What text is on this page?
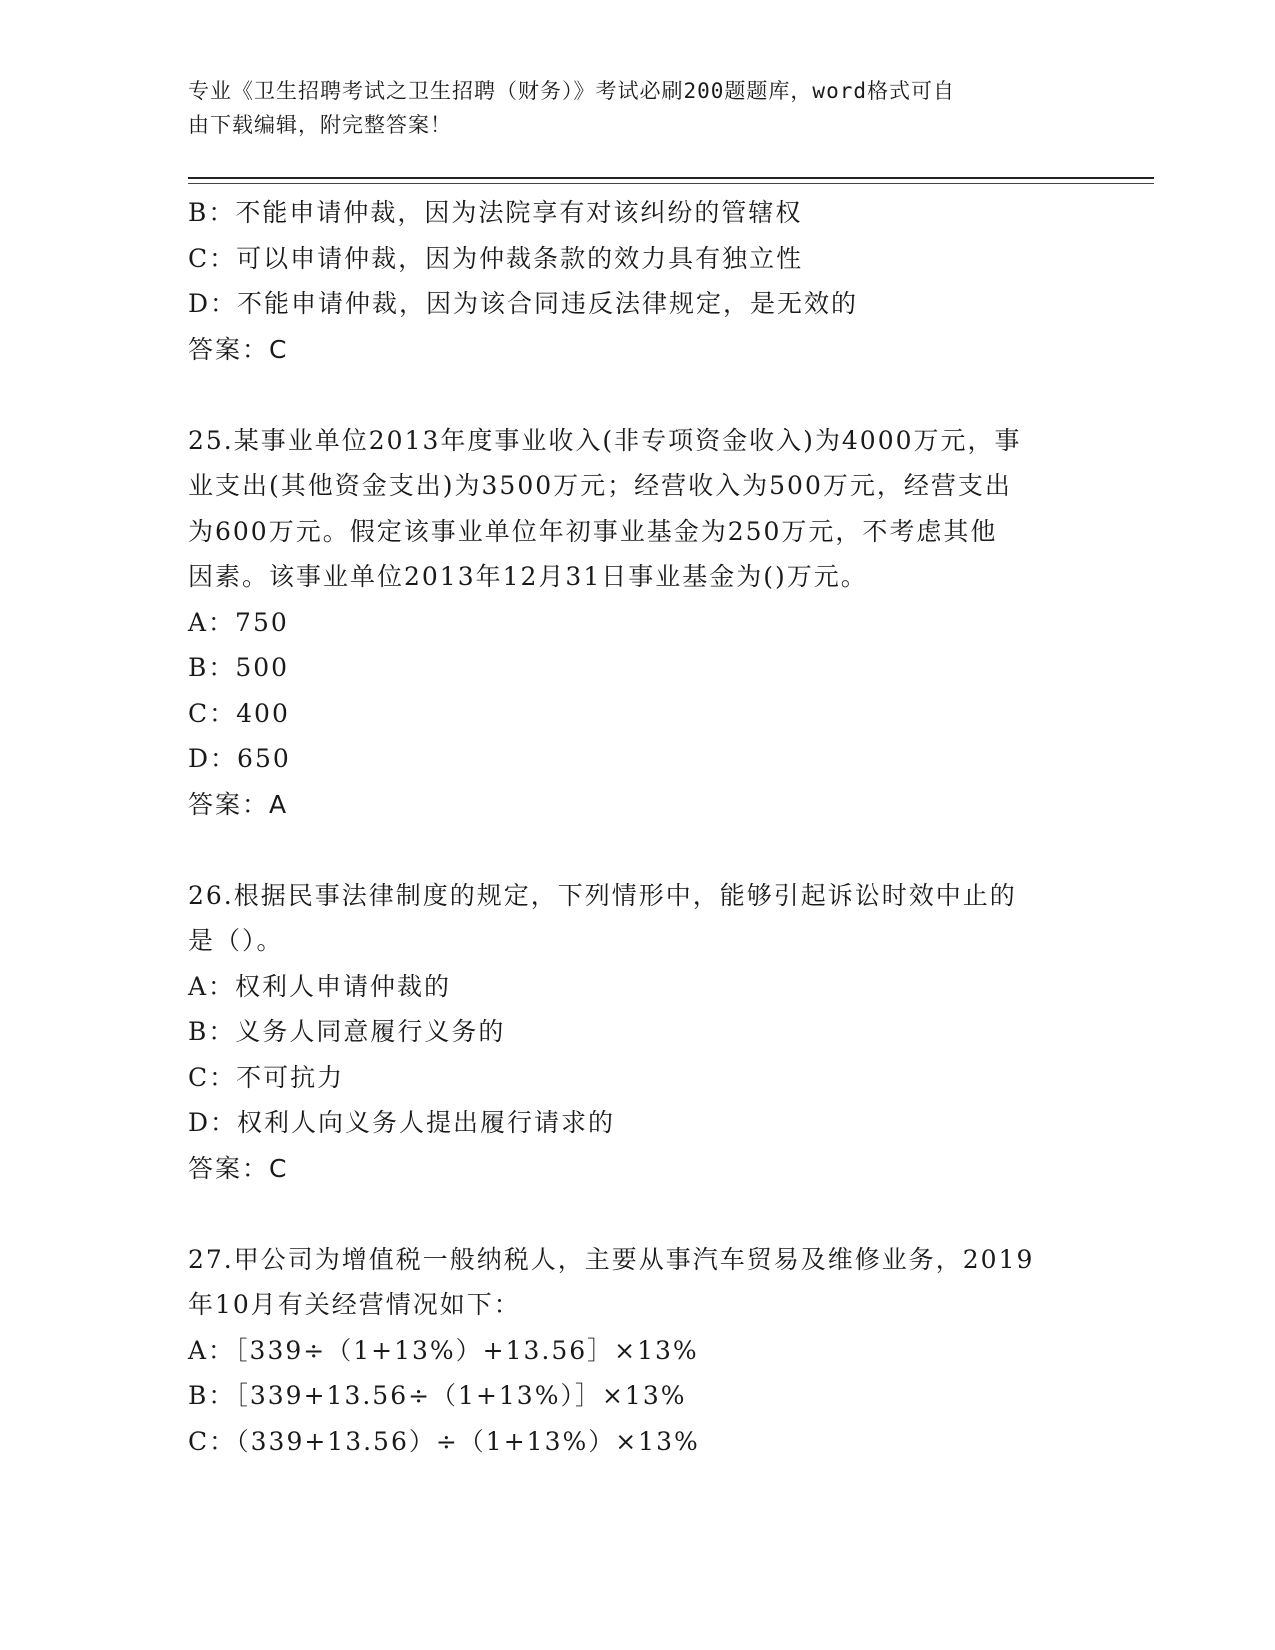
专业《卫生招聘考试之卫生招聘（财务）》考试必刷200题题库，word格式可自
由下载编辑，附完整答案！
B：不能申请仲裁，因为法院享有对该纠纷的管辖权
C：可以申请仲裁，因为仲裁条款的效力具有独立性
D：不能申请仲裁，因为该合同违反法律规定，是无效的
答案：C
25.某事业单位2013年度事业收入(非专项资金收入)为4000万元，事
业支出(其他资金支出)为3500万元；经营收入为500万元，经营支出
为600万元。假定该事业单位年初事业基金为250万元，不考虑其他
因素。该事业单位2013年12月31日事业基金为()万元。
A：750
B：500
C：400
D：650
答案：A
26.根据民事法律制度的规定，下列情形中，能够引起诉讼时效中止的
是（）。
A：权利人申请仲裁的
B：义务人同意履行义务的
C：不可抗力
D：权利人向义务人提出履行请求的
答案：C
27.甲公司为增值税一般纳税人，主要从事汽车贸易及维修业务，2019
年10月有关经营情况如下：
A：［339÷（1+13%）+13.56］×13%
B：［339+13.56÷（1+13%）］×13%
C：（339+13.56）÷（1+13%）×13%
